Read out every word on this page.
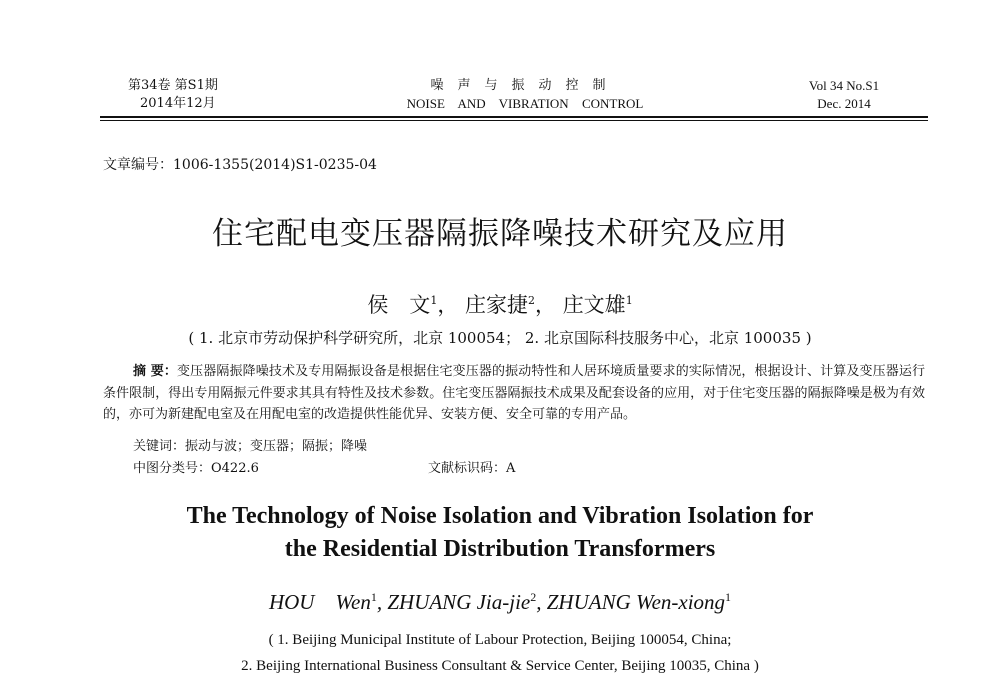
第34卷 第S1期
2014年12月
噪声与振动控制
NOISE AND VIBRATION CONTROL
Vol 34 No.S1
Dec. 2014
文章编号：1006-1355(2014)S1-0235-04
住宅配电变压器隔振降噪技术研究及应用
侯　文$^1$， 庄家捷$^2$， 庄文雄$^1$
( 1. 北京市劳动保护科学研究所，北京 100054； 2. 北京国际科技服务中心，北京 100035 )
摘 要：变压器隔振降噪技术及专用隔振设备是根据住宅变压器的振动特性和人居环境质量要求的实际情况，根据设计、计算及变压器运行条件限制，得出专用隔振元件要求其具有特性及技术参数。住宅变压器隔振技术成果及配套设备的应用，对于住宅变压器的隔振降噪是极为有效的，亦可为新建配电室及在用配电室的改造提供性能优异、安装方便、安全可靠的专用产品。
关键词：振动与波；变压器；隔振；降噪
中图分类号：O422.6	文献标识码：A
The Technology of Noise Isolation and Vibration Isolation for
the Residential Distribution Transformers
HOU　Wen$^1$, ZHUANG Jia-jie$^2$, ZHUANG Wen-xiong$^1$
( 1. Beijing Municipal Institute of Labour Protection, Beijing 100054, China;
2. Beijing International Business Consultant & Service Center, Beijing 10035, China )
